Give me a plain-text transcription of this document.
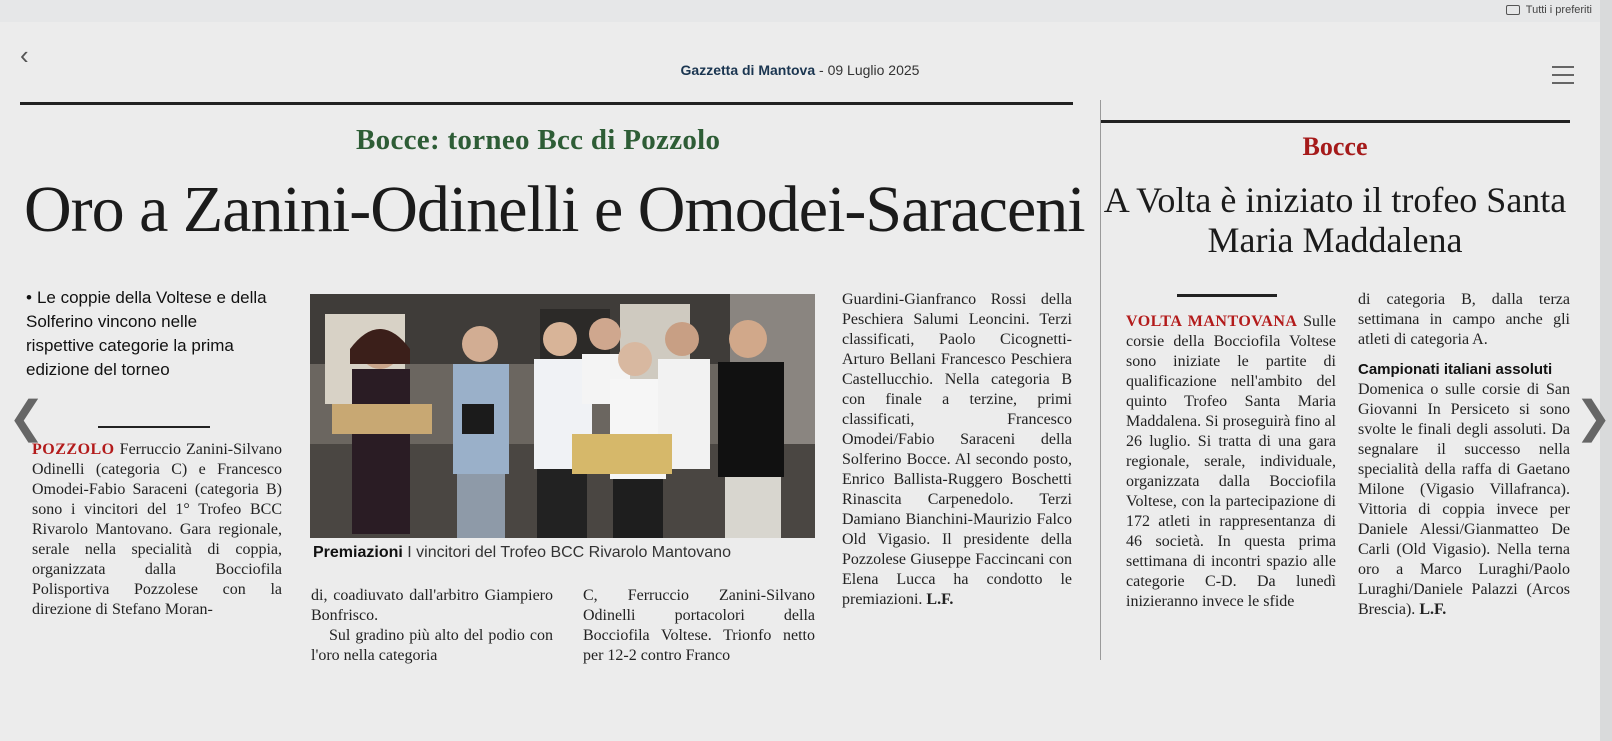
Tutti i preferiti
‹	Gazzetta di Mantova - 09 Luglio 2025
Bocce: torneo Bcc di Pozzolo
Oro a Zanini-Odinelli e Omodei-Saraceni
• Le coppie della Voltese e della Solferino vincono nelle rispettive categorie la prima edizione del torneo
POZZOLO Ferruccio Zanini-Silvano Odinelli (categoria C) e Francesco Omodei-Fabio Saraceni (categoria B) sono i vincitori del 1° Trofeo BCC Rivarolo Mantovano. Gara regionale, serale nella specialità di coppia, organizzata dalla Bocciofila Polisportiva Pozzolese con la direzione di Stefano Moran-
Premiazioni I vincitori del Trofeo BCC Rivarolo Mantovano
di, coadiuvato dall'arbitro Giampiero Bonfrisco.
Sul gradino più alto del podio con l'oro nella categoria
C, Ferruccio Zanini-Silvano Odinelli portacolori della Bocciofila Voltese. Trionfo netto per 12-2 contro Franco
Guardini-Gianfranco Rossi della Peschiera Salumi Leoncini. Terzi classificati, Paolo Cicognetti-Arturo Bellani Francesco Peschiera Castellucchio. Nella categoria B con finale a terzine, primi classificati, Francesco Omodei/Fabio Saraceni della Solferino Bocce. Al secondo posto, Enrico Ballista-Ruggero Boschetti Rinascita Carpenedolo. Terzi Damiano Bianchini-Maurizio Falco Old Vigasio. Il presidente della Pozzolese Giuseppe Faccincani con Elena Lucca ha condotto le premiazioni. L.F.
Bocce
A Volta è iniziato il trofeo Santa Maria Maddalena
VOLTA MANTOVANA Sulle corsie della Bocciofila Voltese sono iniziate le partite di qualificazione nell'ambito del quinto Trofeo Santa Maria Maddalena. Si proseguirà fino al 26 luglio. Si tratta di una gara regionale, serale, individuale, organizzata dalla Bocciofila Voltese, con la partecipazione di 172 atleti in rappresentanza di 46 società. In questa prima settimana di incontri spazio alle categorie C-D. Da lunedì inizieranno invece le sfide
di categoria B, dalla terza settimana in campo anche gli atleti di categoria A.
Campionati italiani assoluti
Domenica o sulle corsie di San Giovanni In Persiceto si sono svolte le finali degli assoluti. Da segnalare il successo nella specialità della raffa di Gaetano Milone (Vigasio Villafranca). Vittoria di coppia invece per Daniele Alessi/Gianmatteo De Carli (Old Vigasio). Nella terna oro a Marco Luraghi/Paolo Luraghi/Daniele Palazzi (Arcos Brescia). L.F.
❮	❯
